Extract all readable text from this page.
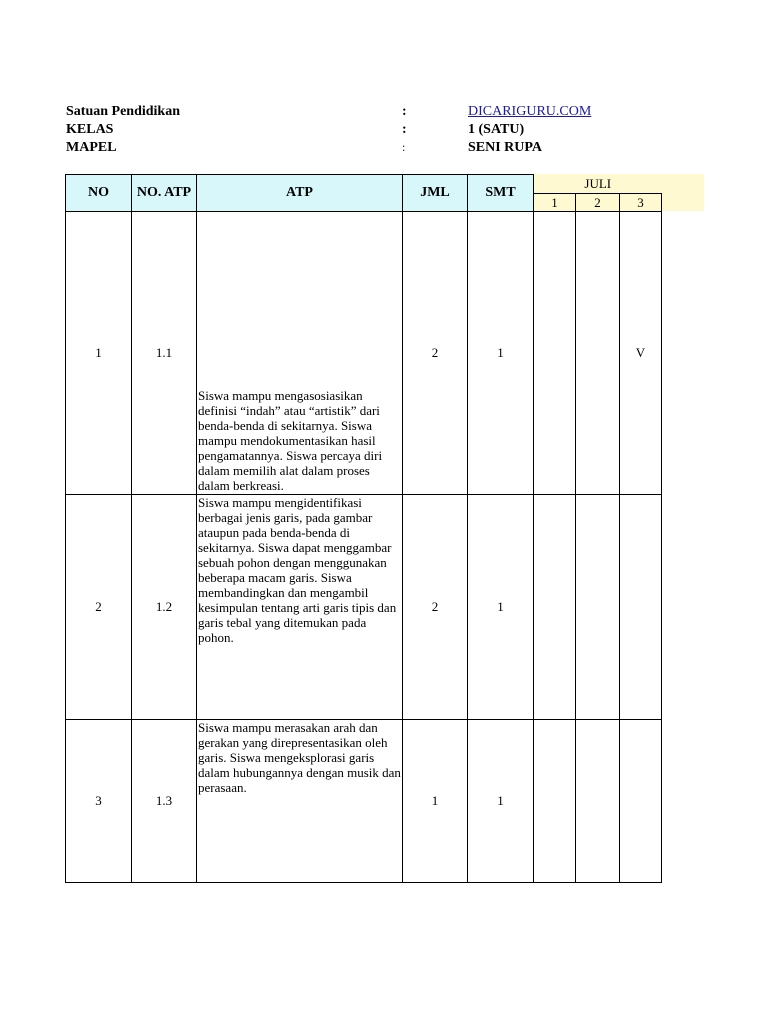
Satuan Pendidikan	:	DICARIGURU.COM
KELAS	:	1 (SATU)
MAPEL	:	SENI RUPA
NO	NO. ATP	ATP	JML	SMT	JULI		
					1	2	3
1	1.1	Siswa mampu mengasosiasikan definisi “indah” atau “artistik” dari benda-benda di sekitarnya. Siswa mampu mendokumentasikan hasil pengamatannya. Siswa percaya diri dalam memilih alat dalam proses dalam berkreasi.	2	1			V
2	1.2	Siswa mampu mengidentifikasi berbagai jenis garis, pada gambar ataupun pada benda-benda di sekitarnya. Siswa dapat menggambar sebuah pohon dengan menggunakan beberapa macam garis. Siswa membandingkan dan mengambil kesimpulan tentang arti garis tipis dan garis tebal yang ditemukan pada pohon.	2	1			
3	1.3	Siswa mampu merasakan arah dan gerakan yang direpresentasikan oleh garis. Siswa mengeksplorasi garis dalam hubungannya dengan musik dan perasaan.	1	1			
